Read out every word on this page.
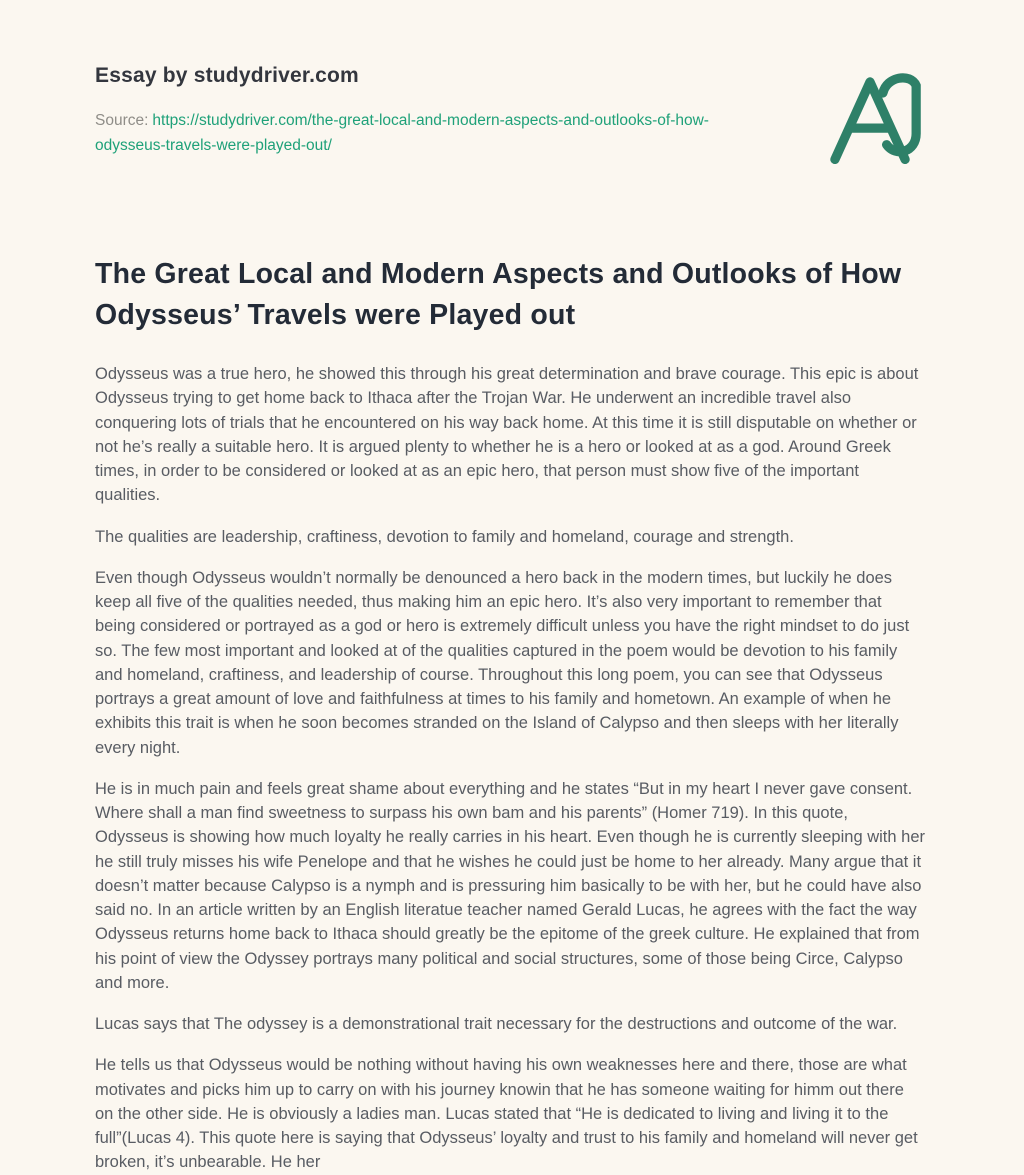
Essay by studydriver.com
Source: https://studydriver.com/the-great-local-and-modern-aspects-and-outlooks-of-how-odysseus-travels-were-played-out/
The Great Local and Modern Aspects and Outlooks of How Odysseus’ Travels were Played out

Odysseus was a true hero, he showed this through his great determination and brave courage. This epic is about Odysseus trying to get home back to Ithaca after the Trojan War. He underwent an incredible travel also conquering lots of trials that he encountered on his way back home. At this time it is still disputable on whether or not he’s really a suitable hero. It is argued plenty to whether he is a hero or looked at as a god. Around Greek times, in order to be considered or looked at as an epic hero, that person must show five of the important qualities.

The qualities are leadership, craftiness, devotion to family and homeland, courage and strength.

Even though Odysseus wouldn’t normally be denounced a hero back in the modern times, but luckily he does keep all five of the qualities needed, thus making him an epic hero. It’s also very important to remember that being considered or portrayed as a god or hero is extremely difficult unless you have the right mindset to do just so. The few most important and looked at of the qualities captured in the poem would be devotion to his family and homeland, craftiness, and leadership of course. Throughout this long poem, you can see that Odysseus portrays a great amount of love and faithfulness at times to his family and hometown. An example of when he exhibits this trait is when he soon becomes stranded on the Island of Calypso and then sleeps with her literally every night.

He is in much pain and feels great shame about everything and he states “But in my heart I never gave consent. Where shall a man find sweetness to surpass his own bam and his parents” (Homer 719). In this quote, Odysseus is showing how much loyalty he really carries in his heart. Even though he is currently sleeping with her he still truly misses his wife Penelope and that he wishes he could just be home to her already. Many argue that it doesn’t matter because Calypso is a nymph and is pressuring him basically to be with her, but he could have also said no. In an article written by an English literatue teacher named Gerald Lucas, he agrees with the fact the way Odysseus returns home back to Ithaca should greatly be the epitome of the greek culture. He explained that from his point of view the Odyssey portrays many political and social structures, some of those being Circe, Calypso and more.

Lucas says that The odyssey is a demonstrational trait necessary for the destructions and outcome of the war.

He tells us that Odysseus would be nothing without having his own weaknesses here and there, those are what motivates and picks him up to carry on with his journey knowin that he has someone waiting for himm out there on the other side. He is obviously a ladies man. Lucas stated that “He is dedicated to living and living it to the full”(Lucas 4). This quote here is saying that Odysseus’ loyalty and trust to his family and homeland will never get broken, it’s unbearable. He her
